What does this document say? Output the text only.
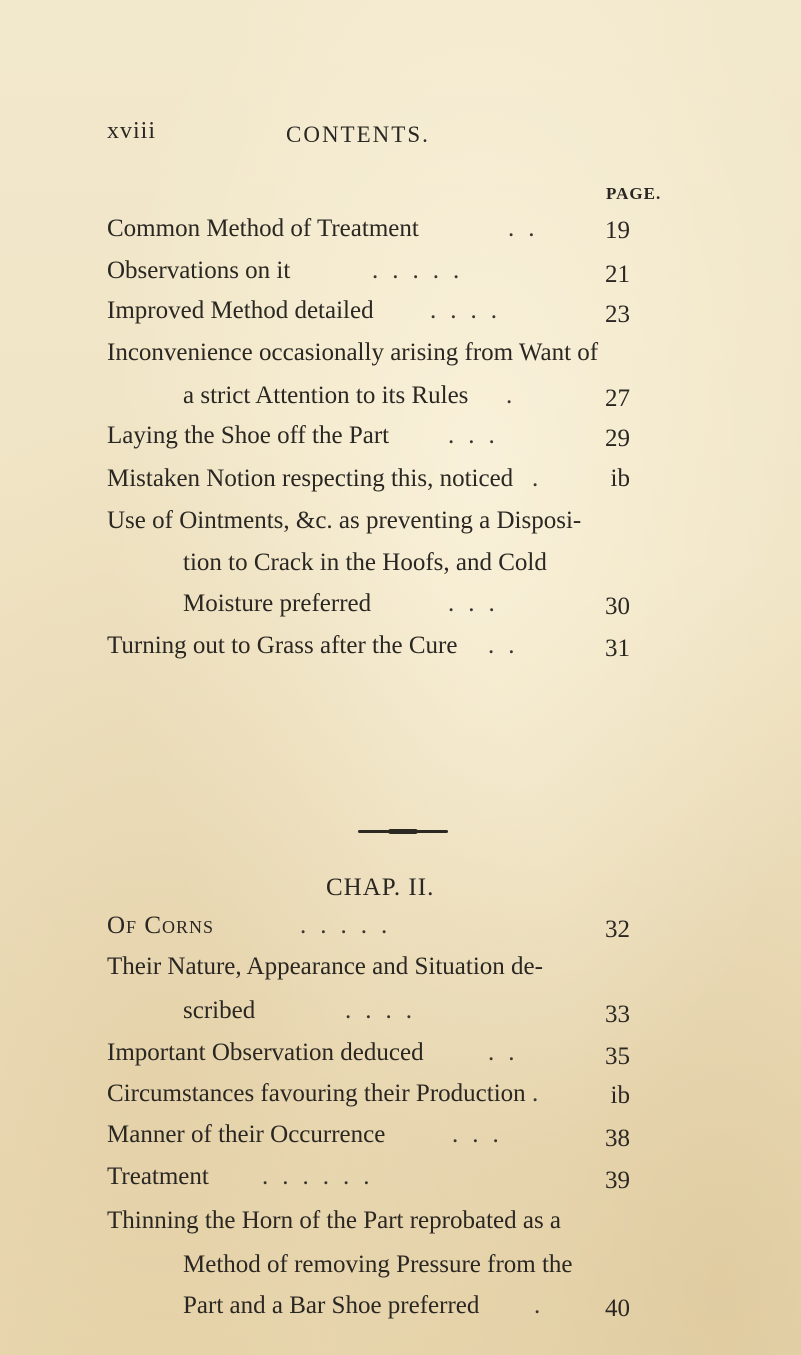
xviii	CONTENTS.
PAGE.
Common Method of Treatment	..	19
Observations on it	.....	21
Improved Method detailed ....	23
Inconvenience occasionally arising from Want of
a strict Attention to its Rules .	27
Laying the Shoe off the Part ...	29
Mistaken Notion respecting this, noticed .	ib
Use of Ointments, &c. as preventing a Disposi-
tion to Crack in the Hoofs, and Cold
Moisture preferred	...	30
Turning out to Grass after the Cure ..	31
CHAP. II.
Of Corns	.....	32
Their Nature, Appearance and Situation de-
scribed	....	33
Important Observation deduced	..	35
Circumstances favouring their Production .	ib
Manner of their Occurrence	...	38
Treatment ......	39
Thinning the Horn of the Part reprobated as a
Method of removing Pressure from the
Part and a Bar Shoe preferred .	40
